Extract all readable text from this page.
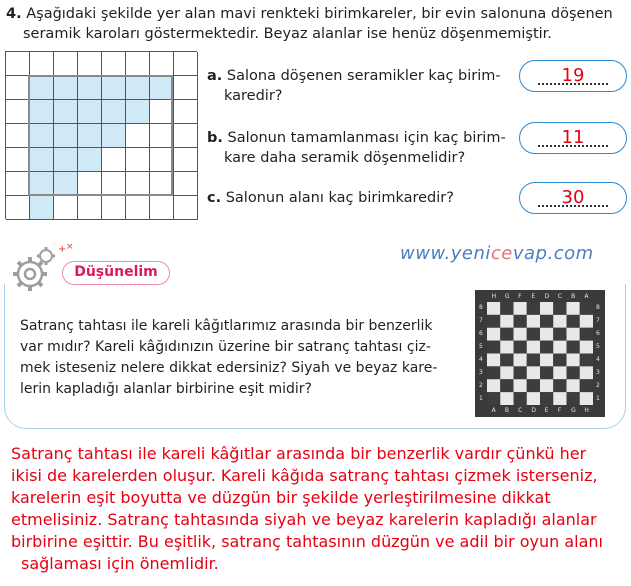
4. Aşağıdaki şekilde yer alan mavi renkteki birimkareler, bir evin salonuna döşenen
seramik karoları göstermektedir. Beyaz alanlar ise henüz döşenmemiştir.
a. Salona döşenen seramikler kaç birim-
karedir?
19
b. Salonun tamamlanması için kaç birim-
kare daha seramik döşenmelidir?
11
c. Salonun alanı kaç birimkaredir?	30
+ ×
·
Düşünelim
www.yenicevap.com
Satranç tahtası ile kareli kâğıtlarımız arasında bir benzerlik
var mıdır? Kareli kâğıdınızın üzerine bir satranç tahtası çiz-
mek isteseniz nelere dikkat edersiniz? Siyah ve beyaz kare-
lerin kapladığı alanlar birbirine eşit midir?
A B C D E F G H
H G F E D C B A
8	8
7	7
6	6
5	5
4	4
3	3
2	2
1	1
Satranç tahtası ile kareli kâğıtlar arasında bir benzerlik vardır çünkü her
ikisi de karelerden oluşur. Kareli kâğıda satranç tahtası çizmek isterseniz,
karelerin eşit boyutta ve düzgün bir şekilde yerleştirilmesine dikkat
etmelisiniz. Satranç tahtasında siyah ve beyaz karelerin kapladığı alanlar
birbirine eşittir. Bu eşitlik, satranç tahtasının düzgün ve adil bir oyun alanı
sağlaması için önemlidir.
